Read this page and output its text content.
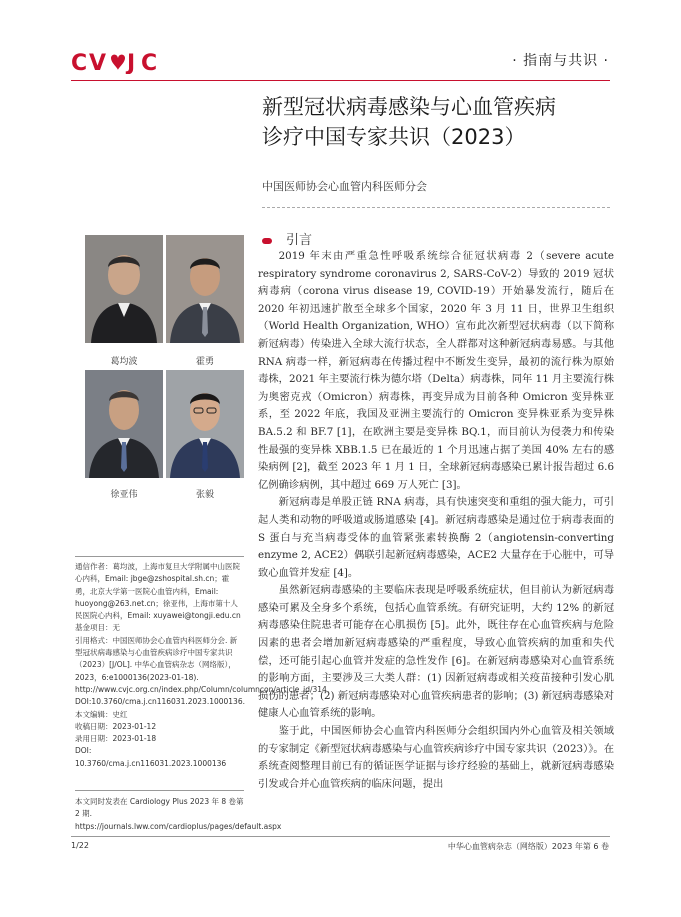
C V J C	· 指南与共识 ·
新型冠状病毒感染与心血管疾病
诊疗中国专家共识（2023）
中国医师协会心血管内科医师分会
葛均波	霍勇
徐亚伟	张毅
引言

2019 年末由严重急性呼吸系统综合征冠状病毒 2（severe acute respiratory syndrome coronavirus 2, SARS-CoV-2）导致的 2019 冠状病毒病（corona virus disease 19, COVID-19）开始暴发流行，随后在 2020 年初迅速扩散至全球多个国家，2020 年 3 月 11 日，世界卫生组织（World Health Organization, WHO）宣布此次新型冠状病毒（以下简称新冠病毒）传染进入全球大流行状态，全人群都对这种新冠病毒易感。与其他 RNA 病毒一样，新冠病毒在传播过程中不断发生变异，最初的流行株为原始毒株，2021 年主要流行株为德尔塔（Delta）病毒株，同年 11 月主要流行株为奥密克戎（Omicron）病毒株，再变异成为目前各种 Omicron 变异株亚系，至 2022 年底，我国及亚洲主要流行的 Omicron 变异株亚系为变异株 BA.5.2 和 BF.7 [1]，在欧洲主要是变异株 BQ.1，而目前认为侵袭力和传染性最强的变异株 XBB.1.5 已在最近的 1 个月迅速占据了美国 40% 左右的感染病例 [2]，截至 2023 年 1 月 1 日，全球新冠病毒感染已累计报告超过 6.6 亿例确诊病例，其中超过 669 万人死亡 [3]。

新冠病毒是单股正链 RNA 病毒，具有快速突变和重组的强大能力，可引起人类和动物的呼吸道或肠道感染 [4]。新冠病毒感染是通过位于病毒表面的 S 蛋白与充当病毒受体的血管紧张素转换酶 2（angiotensin-converting enzyme 2, ACE2）偶联引起新冠病毒感染，ACE2 大量存在于心脏中，可导致心血管并发症 [4]。

虽然新冠病毒感染的主要临床表现是呼吸系统症状，但目前认为新冠病毒感染可累及全身多个系统，包括心血管系统。有研究证明，大约 12% 的新冠病毒感染住院患者可能存在心肌损伤 [5]。此外，既往存在心血管疾病与危险因素的患者会增加新冠病毒感染的严重程度，导致心血管疾病的加重和失代偿，还可能引起心血管并发症的急性发作 [6]。在新冠病毒感染对心血管系统的影响方面，主要涉及三大类人群：(1) 因新冠病毒或相关疫苗接种引发心肌损伤的患者；(2) 新冠病毒感染对心血管疾病患者的影响；(3) 新冠病毒感染对健康人心血管系统的影响。

鉴于此，中国医师协会心血管内科医师分会组织国内外心血管及相关领域的专家制定《新型冠状病毒感染与心血管疾病诊疗中国专家共识（2023）》。在系统查阅整理目前已有的循证医学证据与诊疗经验的基础上，就新冠病毒感染引发或合并心血管疾病的临床问题，提出

通信作者：葛均波，上海市复旦大学附属中山医院心内科，Email: jbge@zshospital.sh.cn；霍勇，北京大学第一医院心血管内科，Email: huoyong@263.net.cn；徐亚伟，上海市第十人民医院心内科，Email: xuyawei@tongji.edu.cn
基金项目：无
引用格式：中国医师协会心血管内科医师分会. 新型冠状病毒感染与心血管疾病诊疗中国专家共识（2023）[J/OL]. 中华心血管病杂志（网络版），2023，6:e1000136(2023-01-18). http://www.cvjc.org.cn/index.php/Column/columncon/article_id/314. DOI:10.3760/cma.j.cn116031.2023.1000136.
本文编辑：史红
收稿日期：2023-01-12
录用日期：2023-01-18
DOI: 10.3760/cma.j.cn116031.2023.1000136
本文同时发表在 Cardiology Plus 2023 年 8 卷第 2 期. https://journals.lww.com/cardioplus/pages/default.aspx
1/22	中华心血管病杂志（网络版）2023 年第 6 卷
